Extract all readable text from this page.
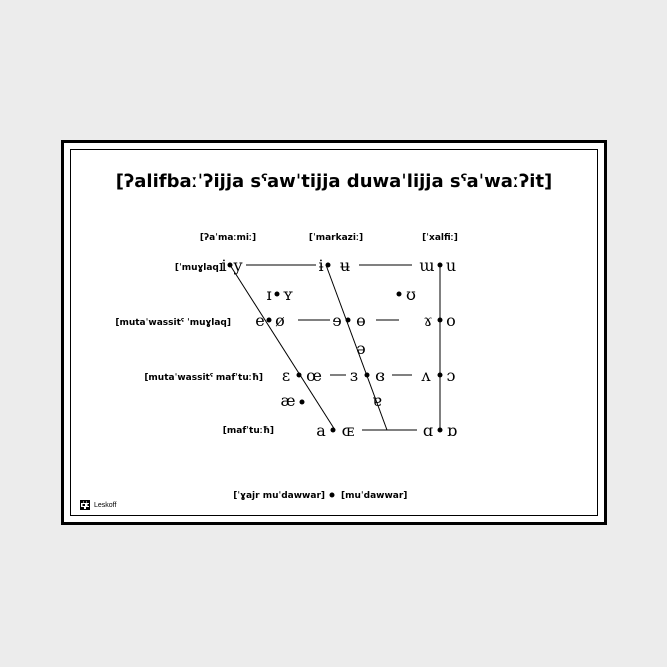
[ʔalifbaːˈʔijja sˤawˈtijja duwaˈlijja sˤaˈwaːʔit]
[ʔaˈmaːmiː]	[ˈmarkaziː]	[ˈxalfiː]
[ˈmuɣlaq]
[mutaˈwassitˤ ˈmuɣlaq]
[mutaˈwassitˤ mafˈtuːħ]
[mafˈtuːħ]
i y	ɨ ʉ	ɯ u
ɪ ʏ	ʊ
e ø	ɘ ɵ	ɤ o
ə
ɛ œ ɜ ɞ ʌ ɔ
æ	ɐ
a ɶ	ɑ ɒ
[ˈɣajr muˈdawwar] [muˈdawwar]
Leskoff
